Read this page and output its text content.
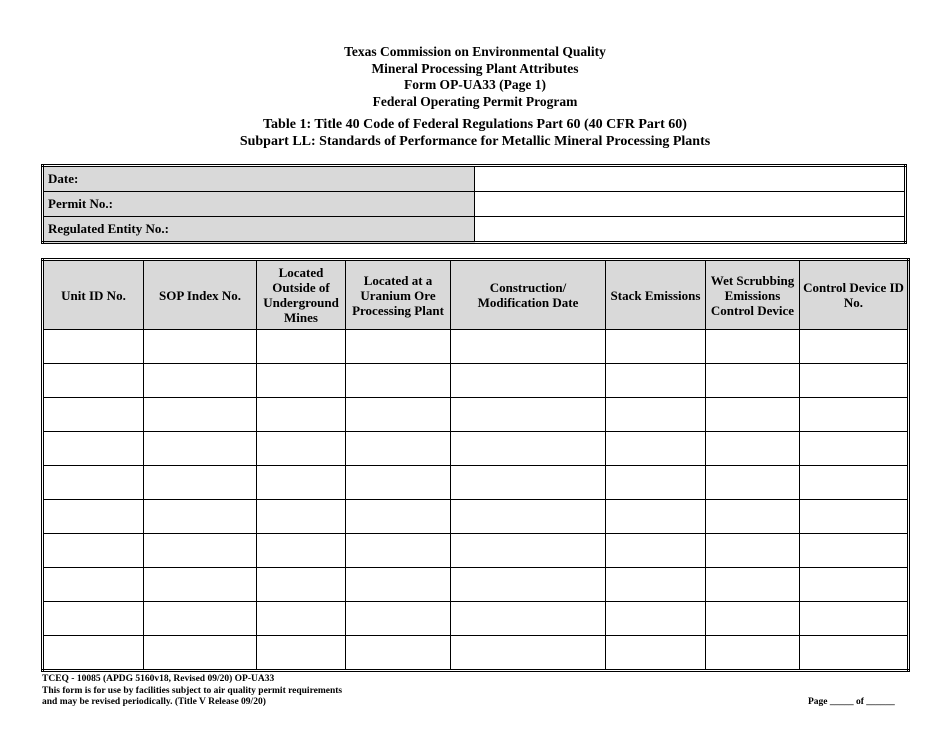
Texas Commission on Environmental Quality
Mineral Processing Plant Attributes
Form OP-UA33 (Page 1)
Federal Operating Permit Program
Table 1: Title 40 Code of Federal Regulations Part 60 (40 CFR Part 60)
Subpart LL: Standards of Performance for Metallic Mineral Processing Plants
Date:	
Permit No.:	
Regulated Entity No.:	
Unit ID No.	SOP Index No.	Located Outside of Underground Mines	Located at a Uranium Ore Processing Plant	Construction/ Modification Date	Stack Emissions	Wet Scrubbing Emissions Control Device	Control Device ID No.

TCEQ - 10085 (APDG 5160v18, Revised 09/20) OP-UA33
This form is for use by facilities subject to air quality permit requirements
and may be revised periodically. (Title V Release 09/20)	Page _____ of ______
